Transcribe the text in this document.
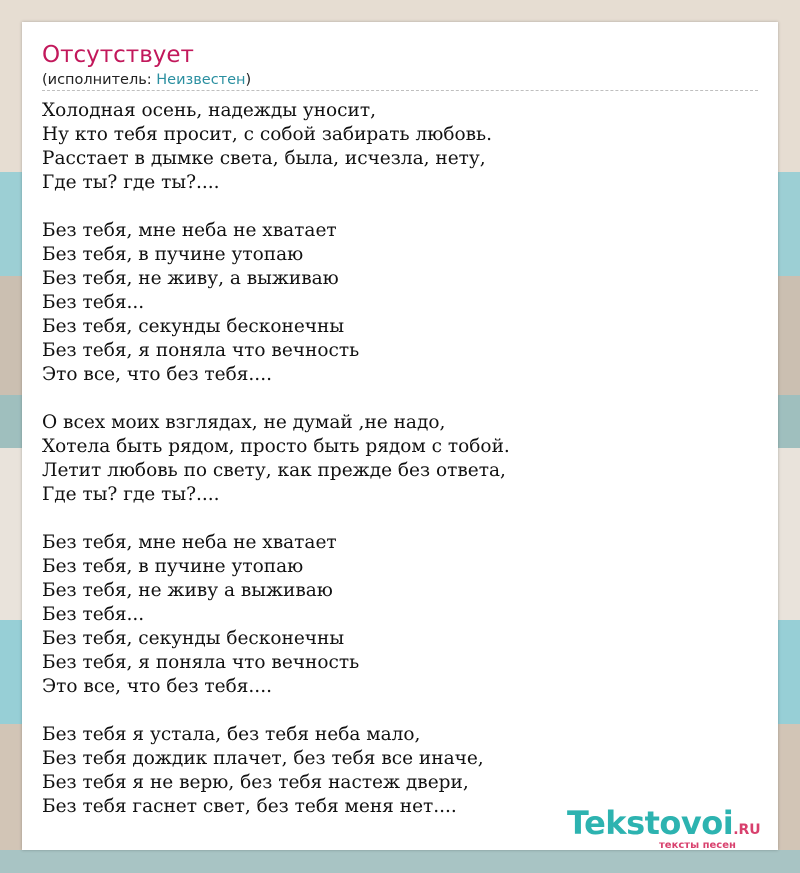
Отсутствует
(исполнитель: Неизвестен)
Холодная осень, надежды уносит,
Ну кто тебя просит, с собой забирать любовь.
Расстает в дымке света, была, исчезла, нету,
Где ты? где ты?....
Без тебя, мне неба не хватает
Без тебя, в пучине утопаю
Без тебя, не живу, а выживаю
Без тебя...
Без тебя, секунды бесконечны
Без тебя, я поняла что вечность
Это все, что без тебя....
О всех моих взглядах, не думай ,не надо,
Хотела быть рядом, просто быть рядом с тобой.
Летит любовь по свету, как прежде без ответа,
Где ты? где ты?....
Без тебя, мне неба не хватает
Без тебя, в пучине утопаю
Без тебя, не живу а выживаю
Без тебя...
Без тебя, секунды бесконечны
Без тебя, я поняла что вечность
Это все, что без тебя....
Без тебя я устала, без тебя неба мало,
Без тебя дождик плачет, без тебя все иначе,
Без тебя я не верю, без тебя настеж двери,
Без тебя гаснет свет, без тебя меня нет....	Tekstovoi.RU
тексты песен
